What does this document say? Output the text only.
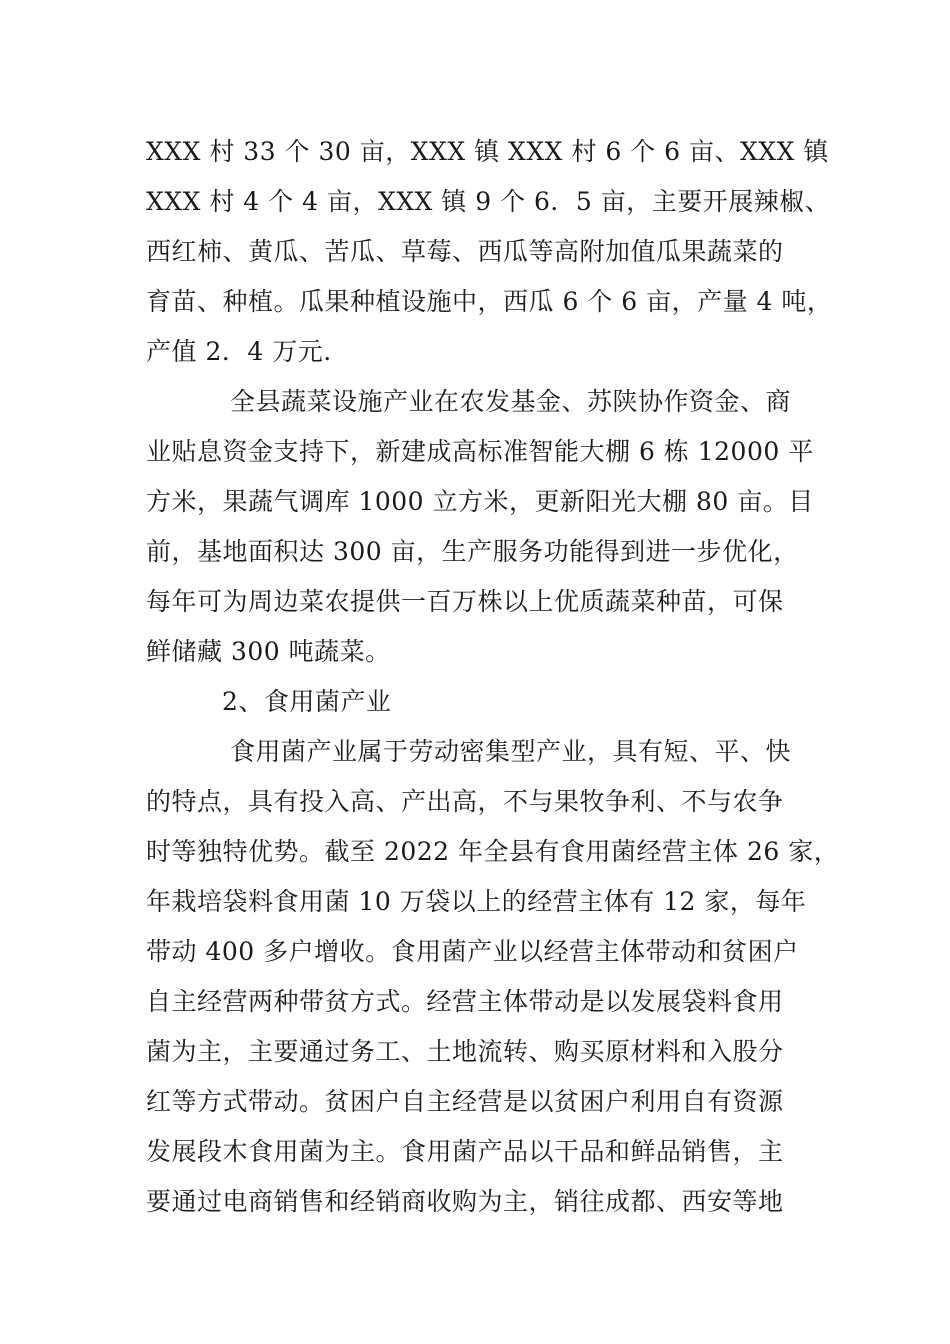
XXX 村 33 个 30 亩，XXX 镇 XXX 村 6 个 6 亩、XXX 镇
XXX 村 4 个 4 亩，XXX 镇 9 个 6．5 亩，主要开展辣椒、
西红柿、黄瓜、苦瓜、草莓、西瓜等高附加值瓜果蔬菜的
育苗、种植。瓜果种植设施中，西瓜 6 个 6 亩，产量 4 吨，
产值 2．4 万元.
全县蔬菜设施产业在农发基金、苏陕协作资金、商
业贴息资金支持下，新建成高标准智能大棚 6 栋 12000 平
方米，果蔬气调库 1000 立方米，更新阳光大棚 80 亩。目
前，基地面积达 300 亩，生产服务功能得到进一步优化，
每年可为周边菜农提供一百万株以上优质蔬菜种苗，可保
鲜储藏 300 吨蔬菜。
2、食用菌产业
食用菌产业属于劳动密集型产业，具有短、平、快
的特点，具有投入高、产出高，不与果牧争利、不与农争
时等独特优势。截至 2022 年全县有食用菌经营主体 26 家，
年栽培袋料食用菌 10 万袋以上的经营主体有 12 家，每年
带动 400 多户增收。食用菌产业以经营主体带动和贫困户
自主经营两种带贫方式。经营主体带动是以发展袋料食用
菌为主，主要通过务工、土地流转、购买原材料和入股分
红等方式带动。贫困户自主经营是以贫困户利用自有资源
发展段木食用菌为主。食用菌产品以干品和鲜品销售，主
要通过电商销售和经销商收购为主，销往成都、西安等地
